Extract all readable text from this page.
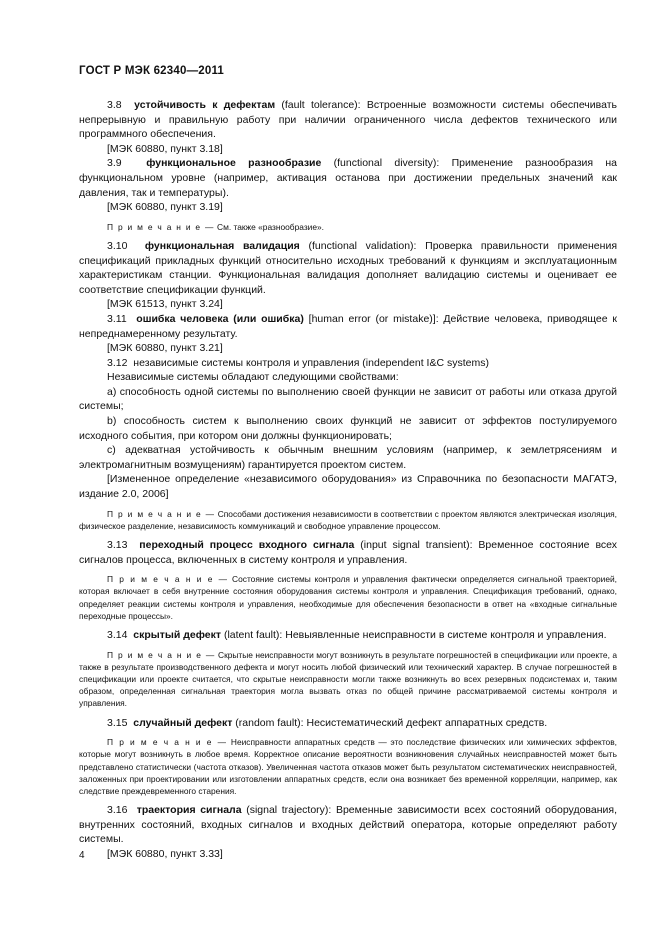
ГОСТ Р МЭК 62340—2011

3.8 устойчивость к дефектам (fault tolerance): Встроенные возможности системы обеспечивать непрерывную и правильную работу при наличии ограниченного числа дефектов технического или программного обеспечения.

[МЭК 60880, пункт 3.18]

3.9 функциональное разнообразие (functional diversity): Применение разнообразия на функциональном уровне (например, активация останова при достижении предельных значений как давления, так и температуры).

[МЭК 60880, пункт 3.19]

П р и м е ч а н и е — См. также «разнообразие».

3.10 функциональная валидация (functional validation): Проверка правильности применения спецификаций прикладных функций относительно исходных требований к функциям и эксплуатационным характеристикам станции. Функциональная валидация дополняет валидацию системы и оценивает ее соответствие спецификации функций.

[МЭК 61513, пункт 3.24]

3.11 ошибка человека (или ошибка) [human error (or mistake)]: Действие человека, приводящее к непреднамеренному результату.

[МЭК 60880, пункт 3.21]

3.12 независимые системы контроля и управления (independent I&C systems)

Независимые системы обладают следующими свойствами:

a) способность одной системы по выполнению своей функции не зависит от работы или отказа другой системы;

b) способность систем к выполнению своих функций не зависит от эффектов постулируемого исходного события, при котором они должны функционировать;

c) адекватная устойчивость к обычным внешним условиям (например, к землетрясениям и электромагнитным возмущениям) гарантируется проектом систем.

[Измененное определение «независимого оборудования» из Справочника по безопасности МАГАТЭ, издание 2.0, 2006]

П р и м е ч а н и е — Способами достижения независимости в соответствии с проектом являются электрическая изоляция, физическое разделение, независимость коммуникаций и свободное управление процессом.

3.13 переходный процесс входного сигнала (input signal transient): Временное состояние всех сигналов процесса, включенных в систему контроля и управления.

П р и м е ч а н и е — Состояние системы контроля и управления фактически определяется сигнальной траекторией, которая включает в себя внутренние состояния оборудования системы контроля и управления. Спецификация требований, однако, определяет реакции системы контроля и управления, необходимые для обеспечения безопасности в ответ на «входные сигнальные переходные процессы».

3.14 скрытый дефект (latent fault): Невыявленные неисправности в системе контроля и управления.

П р и м е ч а н и е — Скрытые неисправности могут возникнуть в результате погрешностей в спецификации или проекте, а также в результате производственного дефекта и могут носить любой физический или технический характер. В случае погрешностей в спецификации или проекте считается, что скрытые неисправности могли также возникнуть во всех резервных подсистемах и, таким образом, определенная сигнальная траектория могла вызвать отказ по общей причине рассматриваемой системы контроля и управления.

3.15 случайный дефект (random fault): Несистематический дефект аппаратных средств.

П р и м е ч а н и е — Неисправности аппаратных средств — это последствие физических или химических эффектов, которые могут возникнуть в любое время. Корректное описание вероятности возникновения случайных неисправностей может быть представлено статистически (частота отказов). Увеличенная частота отказов может быть результатом систематических неисправностей, заложенных при проектировании или изготовлении аппаратных средств, если она возникает без временной корреляции, например, как следствие преждевременного старения.

3.16 траектория сигнала (signal trajectory): Временные зависимости всех состояний оборудования, внутренних состояний, входных сигналов и входных действий оператора, которые определяют работу системы.

[МЭК 60880, пункт 3.33]

4
